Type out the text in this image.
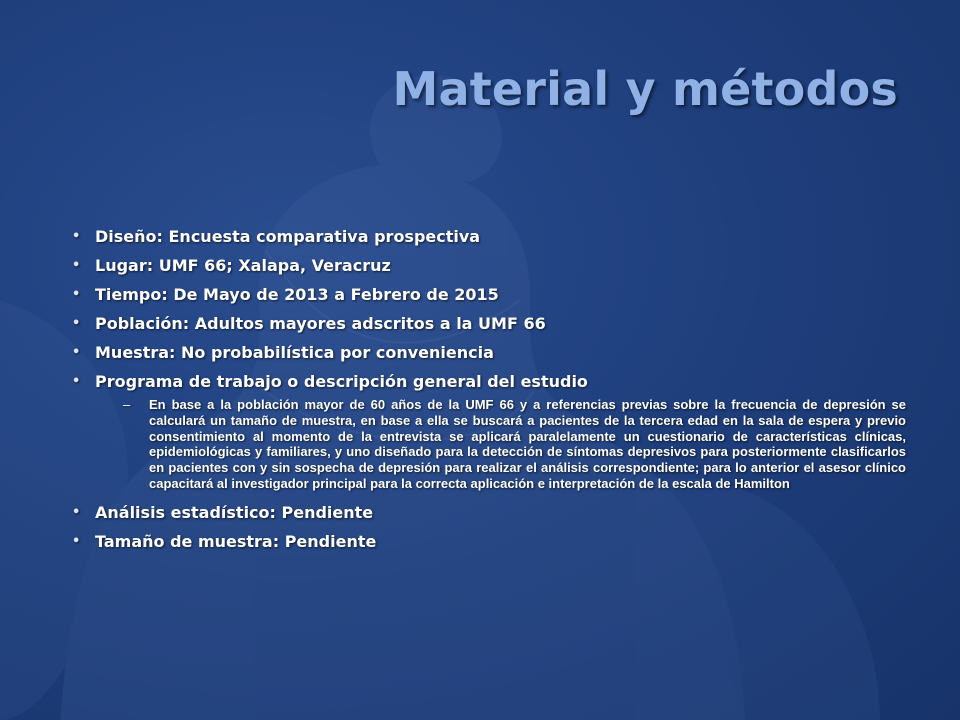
Material y métodos
• Diseño: Encuesta comparativa prospectiva
• Lugar: UMF 66; Xalapa, Veracruz
• Tiempo: De Mayo de 2013 a Febrero de 2015
• Población: Adultos mayores adscritos a la UMF 66
• Muestra: No probabilística por conveniencia
• Programa de trabajo o descripción general del estudio
– En base a la población mayor de 60 años de la UMF 66 y a referencias previas sobre la frecuencia de depresión se calculará un tamaño de muestra, en base a ella se buscará a pacientes de la tercera edad en la sala de espera y previo consentimiento al momento de la entrevista se aplicará paralelamente un cuestionario de características clínicas, epidemiológicas y familiares, y uno diseñado para la detección de síntomas depresivos para posteriormente clasificarlos en pacientes con y sin sospecha de depresión para realizar el análisis correspondiente; para lo anterior el asesor clínico capacitará al investigador principal para la correcta aplicación e interpretación de la escala de Hamilton

• Análisis estadístico: Pendiente
• Tamaño de muestra: Pendiente
